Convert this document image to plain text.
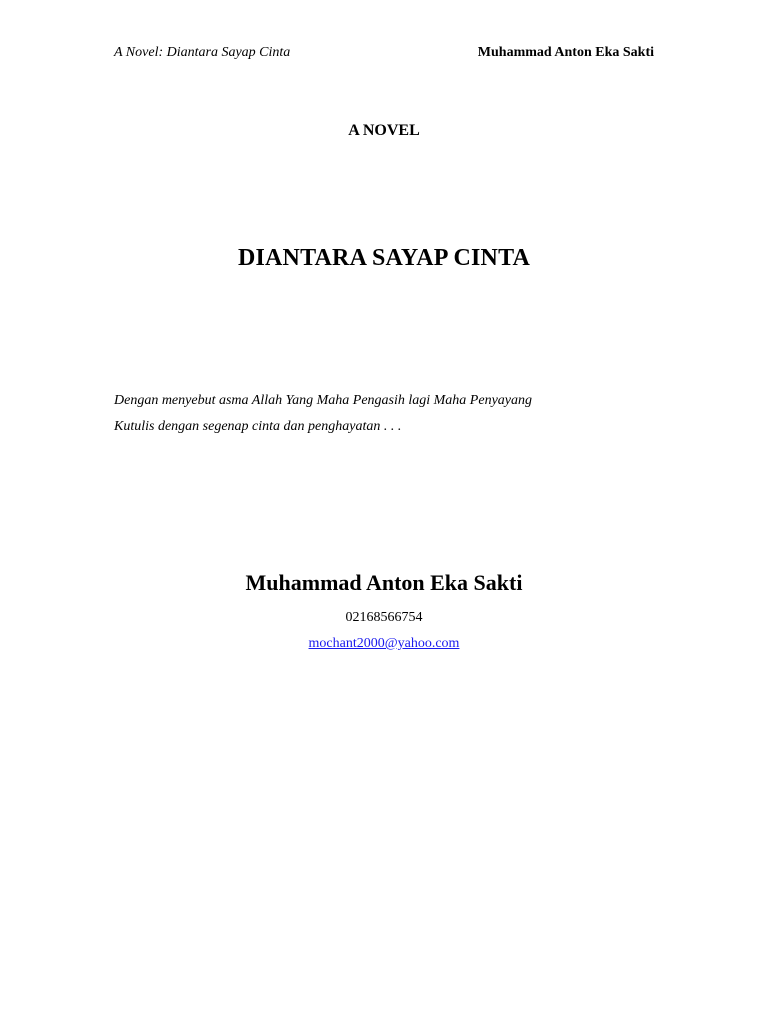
A Novel: Diantara Sayap Cinta	Muhammad Anton Eka Sakti
A NOVEL
DIANTARA SAYAP CINTA
Dengan menyebut asma Allah Yang Maha Pengasih lagi Maha Penyayang
Kutulis dengan segenap cinta dan penghayatan . . .
Muhammad Anton Eka Sakti
02168566754
mochant2000@yahoo.com
